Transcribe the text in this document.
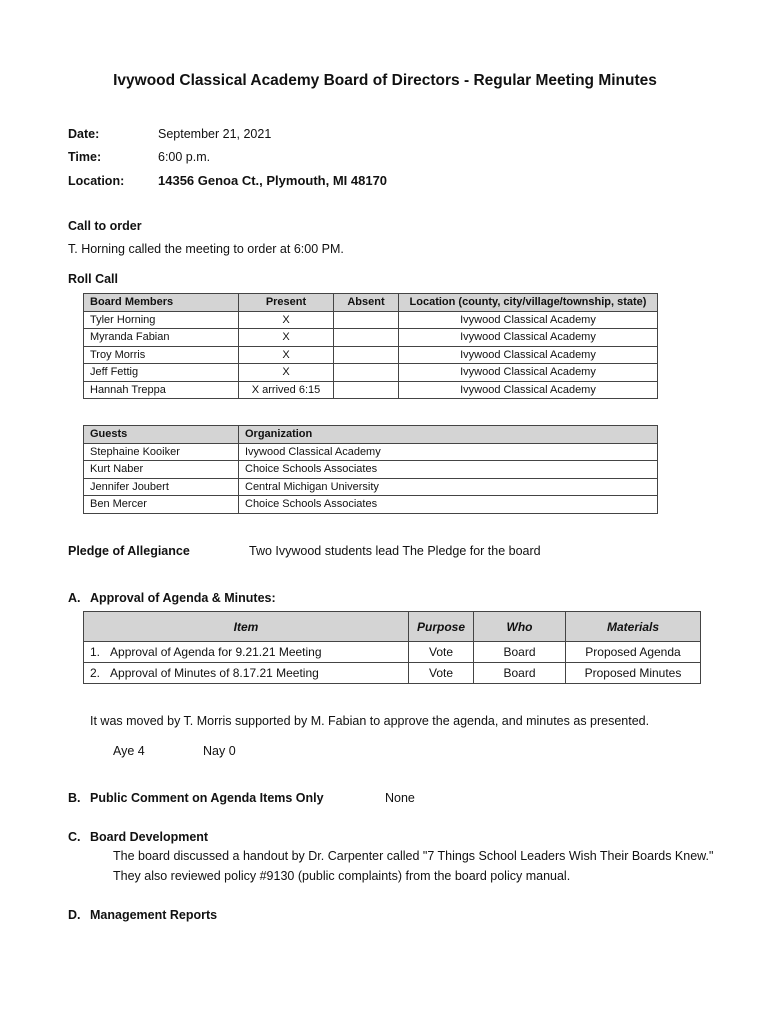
Ivywood Classical Academy Board of Directors - Regular Meeting Minutes
Date:	September 21, 2021
Time:	6:00 p.m.
Location:	14356 Genoa Ct., Plymouth, MI 48170
Call to order
T. Horning called the meeting to order at 6:00 PM.
Roll Call
Board Members	Present	Absent	Location (county, city/village/township, state)
Tyler Horning	X		Ivywood Classical Academy
Myranda Fabian	X		Ivywood Classical Academy
Troy Morris	X		Ivywood Classical Academy
Jeff Fettig	X		Ivywood Classical Academy
Hannah Treppa	X arrived 6:15		Ivywood Classical Academy
Guests	Organization
Stephaine Kooiker	Ivywood Classical Academy
Kurt Naber	Choice Schools Associates
Jennifer Joubert	Central Michigan University
Ben Mercer	Choice Schools Associates
Pledge of Allegiance	Two Ivywood students lead The Pledge for the board
A. Approval of Agenda & Minutes:
Item	Purpose	Who	Materials
1. Approval of Agenda for 9.21.21 Meeting	Vote	Board	Proposed Agenda
2. Approval of Minutes of 8.17.21 Meeting	Vote	Board	Proposed Minutes
It was moved by T. Morris supported by M. Fabian to approve the agenda, and minutes as presented.
Aye 4	Nay 0
B. Public Comment on Agenda Items Only	None
C. Board Development
The board discussed a handout by Dr. Carpenter called "7 Things School Leaders Wish Their Boards Knew."
They also reviewed policy #9130 (public complaints) from the board policy manual.
D. Management Reports
